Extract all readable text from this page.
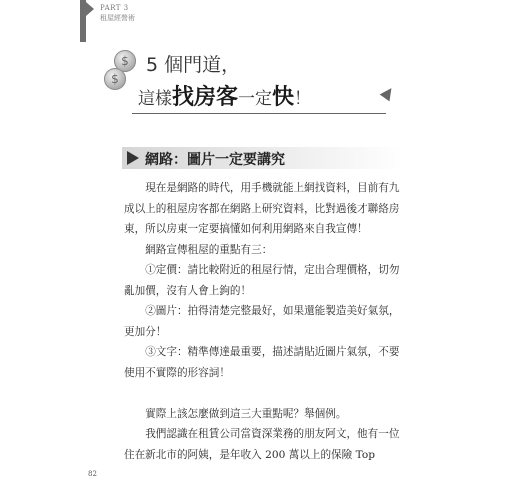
PART 3
租屋經營術
$
$
5 個門道，
這樣找房客一定快！
網路：圖片一定要講究

現在是網路的時代，用手機就能上網找資料，目前有九成以上的租屋房客都在網路上研究資料，比對過後才聯絡房東，所以房東一定要搞懂如何利用網路來自我宣傳！

網路宣傳租屋的重點有三：

①定價：請比較附近的租屋行情，定出合理價格，切勿亂加價，沒有人會上鉤的！

②圖片：拍得清楚完整最好，如果還能製造美好氣氛，更加分！

③文字：精準傳達最重要，描述請貼近圖片氣氛，不要使用不實際的形容詞！

實際上該怎麼做到這三大重點呢？舉個例。

我們認識在租賃公司當資深業務的朋友阿文，他有一位住在新北市的阿姨，是年收入 200 萬以上的保險 Top

82
